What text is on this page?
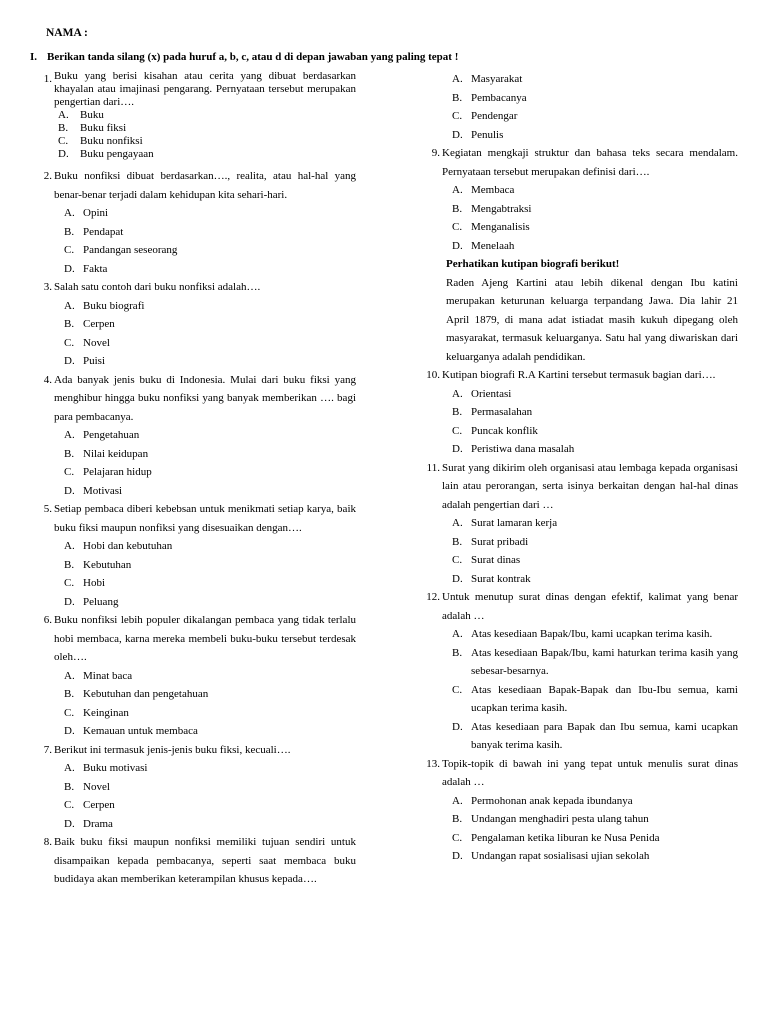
NAMA :
I. Berikan tanda silang (x) pada huruf a, b, c, atau d di depan jawaban yang paling tepat !
1. Buku yang berisi kisahan atau cerita yang dibuat berdasarkan khayalan atau imajinasi pengarang. Pernyataan tersebut merupakan pengertian dari….
A. Buku
B. Buku fiksi
C. Buku nonfiksi
D. Buku pengayaan
2. Buku nonfiksi dibuat berdasarkan…., realita, atau hal-hal yang benar-benar terjadi dalam kehidupan kita sehari-hari.
A. Opini
B. Pendapat
C. Pandangan seseorang
D. Fakta
3. Salah satu contoh dari buku nonfiksi adalah….
A. Buku biografi
B. Cerpen
C. Novel
D. Puisi
4. Ada banyak jenis buku di Indonesia. Mulai dari buku fiksi yang menghibur hingga buku nonfiksi yang banyak memberikan …. bagi para pembacanya.
A. Pengetahuan
B. Nilai keidupan
C. Pelajaran hidup
D. Motivasi
5. Setiap pembaca diberi kebebsan untuk menikmati setiap karya, baik buku fiksi maupun nonfiksi yang disesuaikan dengan….
A. Hobi dan kebutuhan
B. Kebutuhan
C. Hobi
D. Peluang
6. Buku nonfiksi lebih populer dikalangan pembaca yang tidak terlalu hobi membaca, karna mereka membeli buku-buku tersebut terdesak oleh….
A. Minat baca
B. Kebutuhan dan pengetahuan
C. Keinginan
D. Kemauan untuk membaca
7. Berikut ini termasuk jenis-jenis buku fiksi, kecuali….
A. Buku motivasi
B. Novel
C. Cerpen
D. Drama
8. Baik buku fiksi maupun nonfiksi memiliki tujuan sendiri untuk disampaikan kepada pembacanya, seperti saat membaca buku budidaya akan memberikan keterampilan khusus kepada….
A. Masyarakat
B. Pembacanya
C. Pendengar
D. Penulis
9. Kegiatan mengkaji struktur dan bahasa teks secara mendalam. Pernyataan tersebut merupakan definisi dari….
A. Membaca
B. Mengabtraksi
C. Menganalisis
D. Menelaah
Perhatikan kutipan biografi berikut!
Raden Ajeng Kartini atau lebih dikenal dengan Ibu katini merupakan keturunan keluarga terpandang Jawa. Dia lahir 21 April 1879, di mana adat istiadat masih kukuh dipegang oleh masyarakat, termasuk keluarganya. Satu hal yang diwariskan dari keluarganya adalah pendidikan.
10. Kutipan biografi R.A Kartini tersebut termasuk bagian dari….
A. Orientasi
B. Permasalahan
C. Puncak konflik
D. Peristiwa dana masalah
11. Surat yang dikirim oleh organisasi atau lembaga kepada organisasi lain atau perorangan, serta isinya berkaitan dengan hal-hal dinas adalah pengertian dari …
A. Surat lamaran kerja
B. Surat pribadi
C. Surat dinas
D. Surat kontrak
12. Untuk menutup surat dinas dengan efektif, kalimat yang benar adalah …
A. Atas kesediaan Bapak/Ibu, kami ucapkan terima kasih.
B. Atas kesediaan Bapak/Ibu, kami haturkan terima kasih yang sebesar-besarnya.
C. Atas kesediaan Bapak-Bapak dan Ibu-Ibu semua, kami ucapkan terima kasih.
D. Atas kesediaan para Bapak dan Ibu semua, kami ucapkan banyak terima kasih.
13. Topik-topik di bawah ini yang tepat untuk menulis surat dinas adalah …
A. Permohonan anak kepada ibundanya
B. Undangan menghadiri pesta ulang tahun
C. Pengalaman ketika liburan ke Nusa Penida
D. Undangan rapat sosialisasi ujian sekolah
